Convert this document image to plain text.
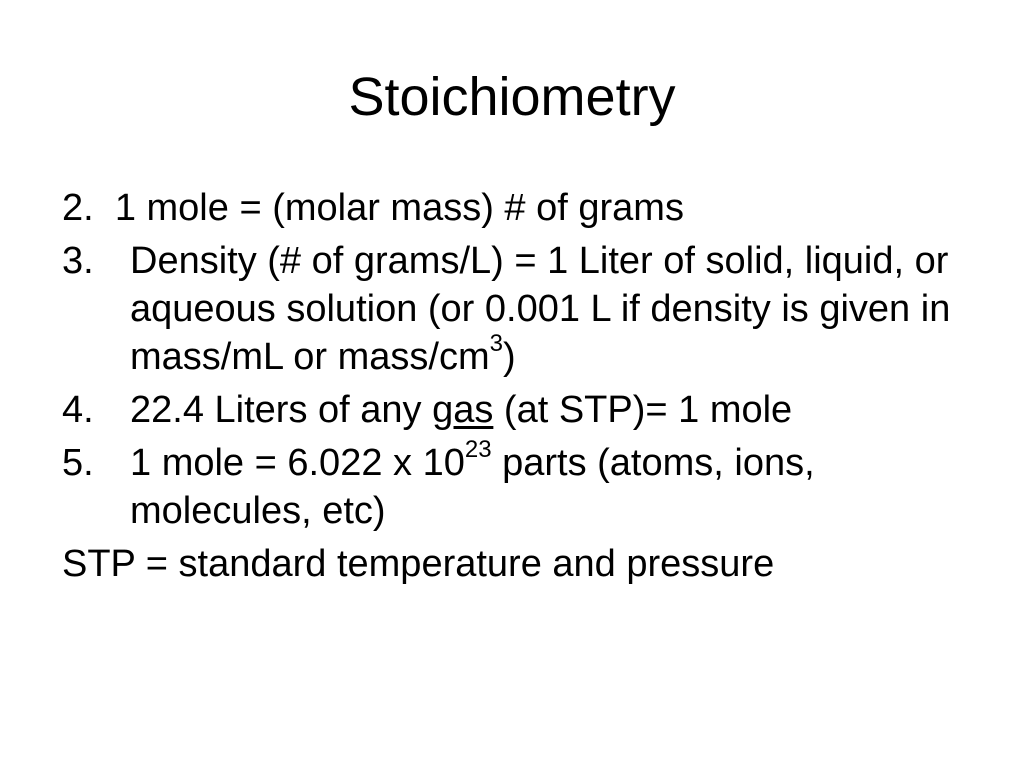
Stoichiometry
2. 1 mole = (molar mass) # of grams
3. Density (# of grams/L) = 1 Liter of solid, liquid, or aqueous solution (or 0.001 L if density is given in mass/mL or mass/$cm^3$)
4. 22.4 Liters of any gas (at STP)= 1 mole
5. 1 mole = 6.022 x $10^{23}$ parts (atoms, ions, molecules, etc)
STP = standard temperature and pressure
